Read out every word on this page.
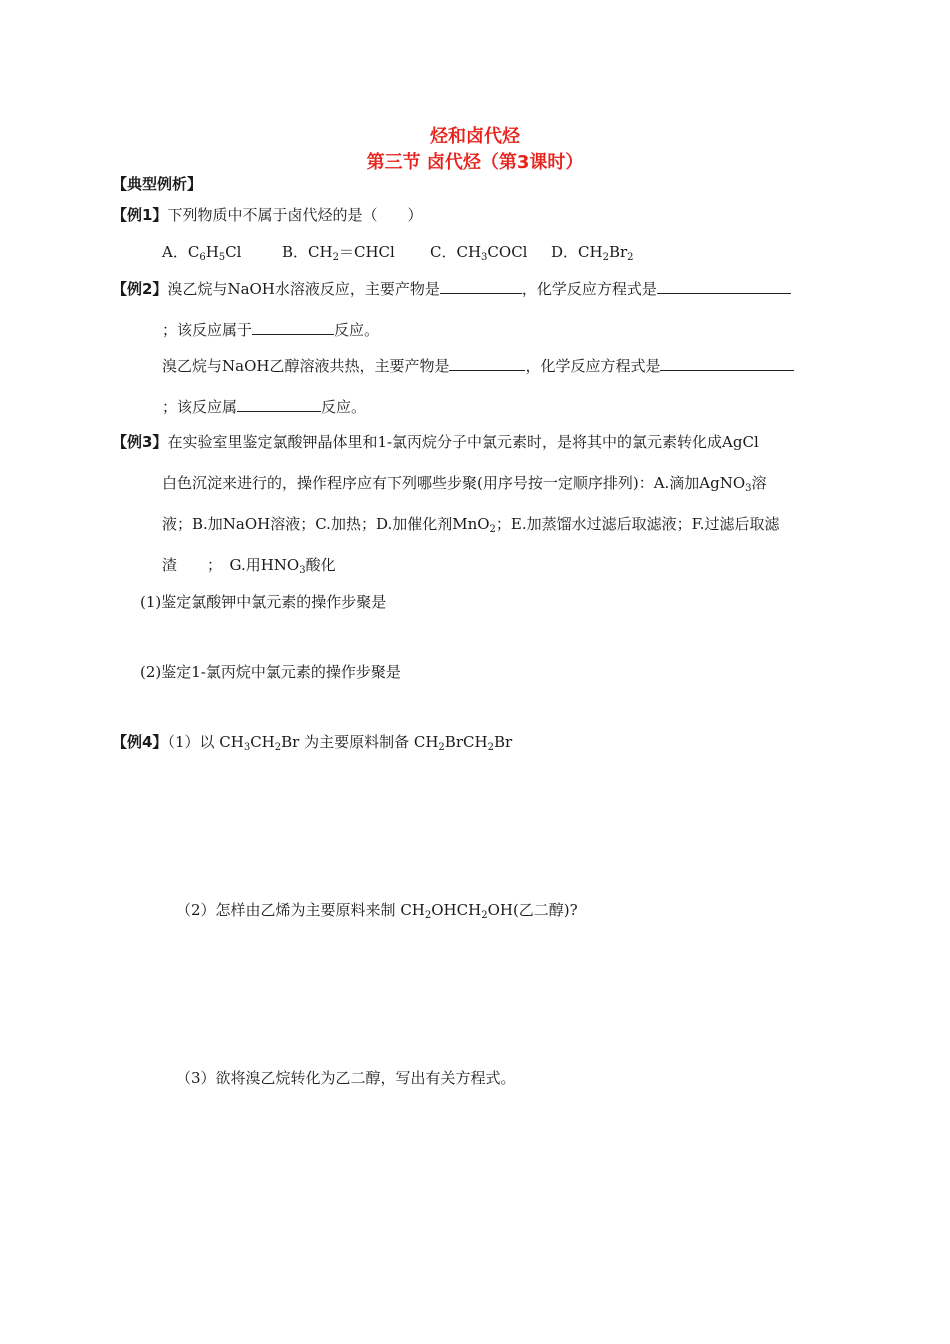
烃和卤代烃
第三节 卤代烃（第3课时）
【典型例析】
【例1】下列物质中不属于卤代烃的是（　　）
A．$C_6H_5Cl$	B．$CH_2=CHCl$ C．$CH_3COCl$ D．$CH_2Br_2$
【例2】溴乙烷与NaOH水溶液反应，主要产物是	，化学反应方程式是
；该反应属于	反应。
溴乙烷与NaOH乙醇溶液共热，主要产物是	，化学反应方程式是
；该反应属	反应。
【例3】在实验室里鉴定氯酸钾晶体里和1-氯丙烷分子中氯元素时，是将其中的氯元素转化成AgCl
白色沉淀来进行的，操作程序应有下列哪些步聚(用序号按一定顺序排列)：A.滴加AgNO$_3$溶
液；B.加NaOH溶液；C.加热；D.加催化剂MnO$_2$；E.加蒸馏水过滤后取滤液；F.过滤后取滤
渣　　；　G.用$HNO_3$酸化
(1)鉴定氯酸钾中氯元素的操作步聚是
(2)鉴定1-氯丙烷中氯元素的操作步聚是
【例4】（1）以 $CH_3CH_2Br$ 为主要原料制备 $CH_2BrCH_2Br$
（2）怎样由乙烯为主要原料来制 $CH_2OHCH_2OH$(乙二醇)?
（3）欲将溴乙烷转化为乙二醇，写出有关方程式。
